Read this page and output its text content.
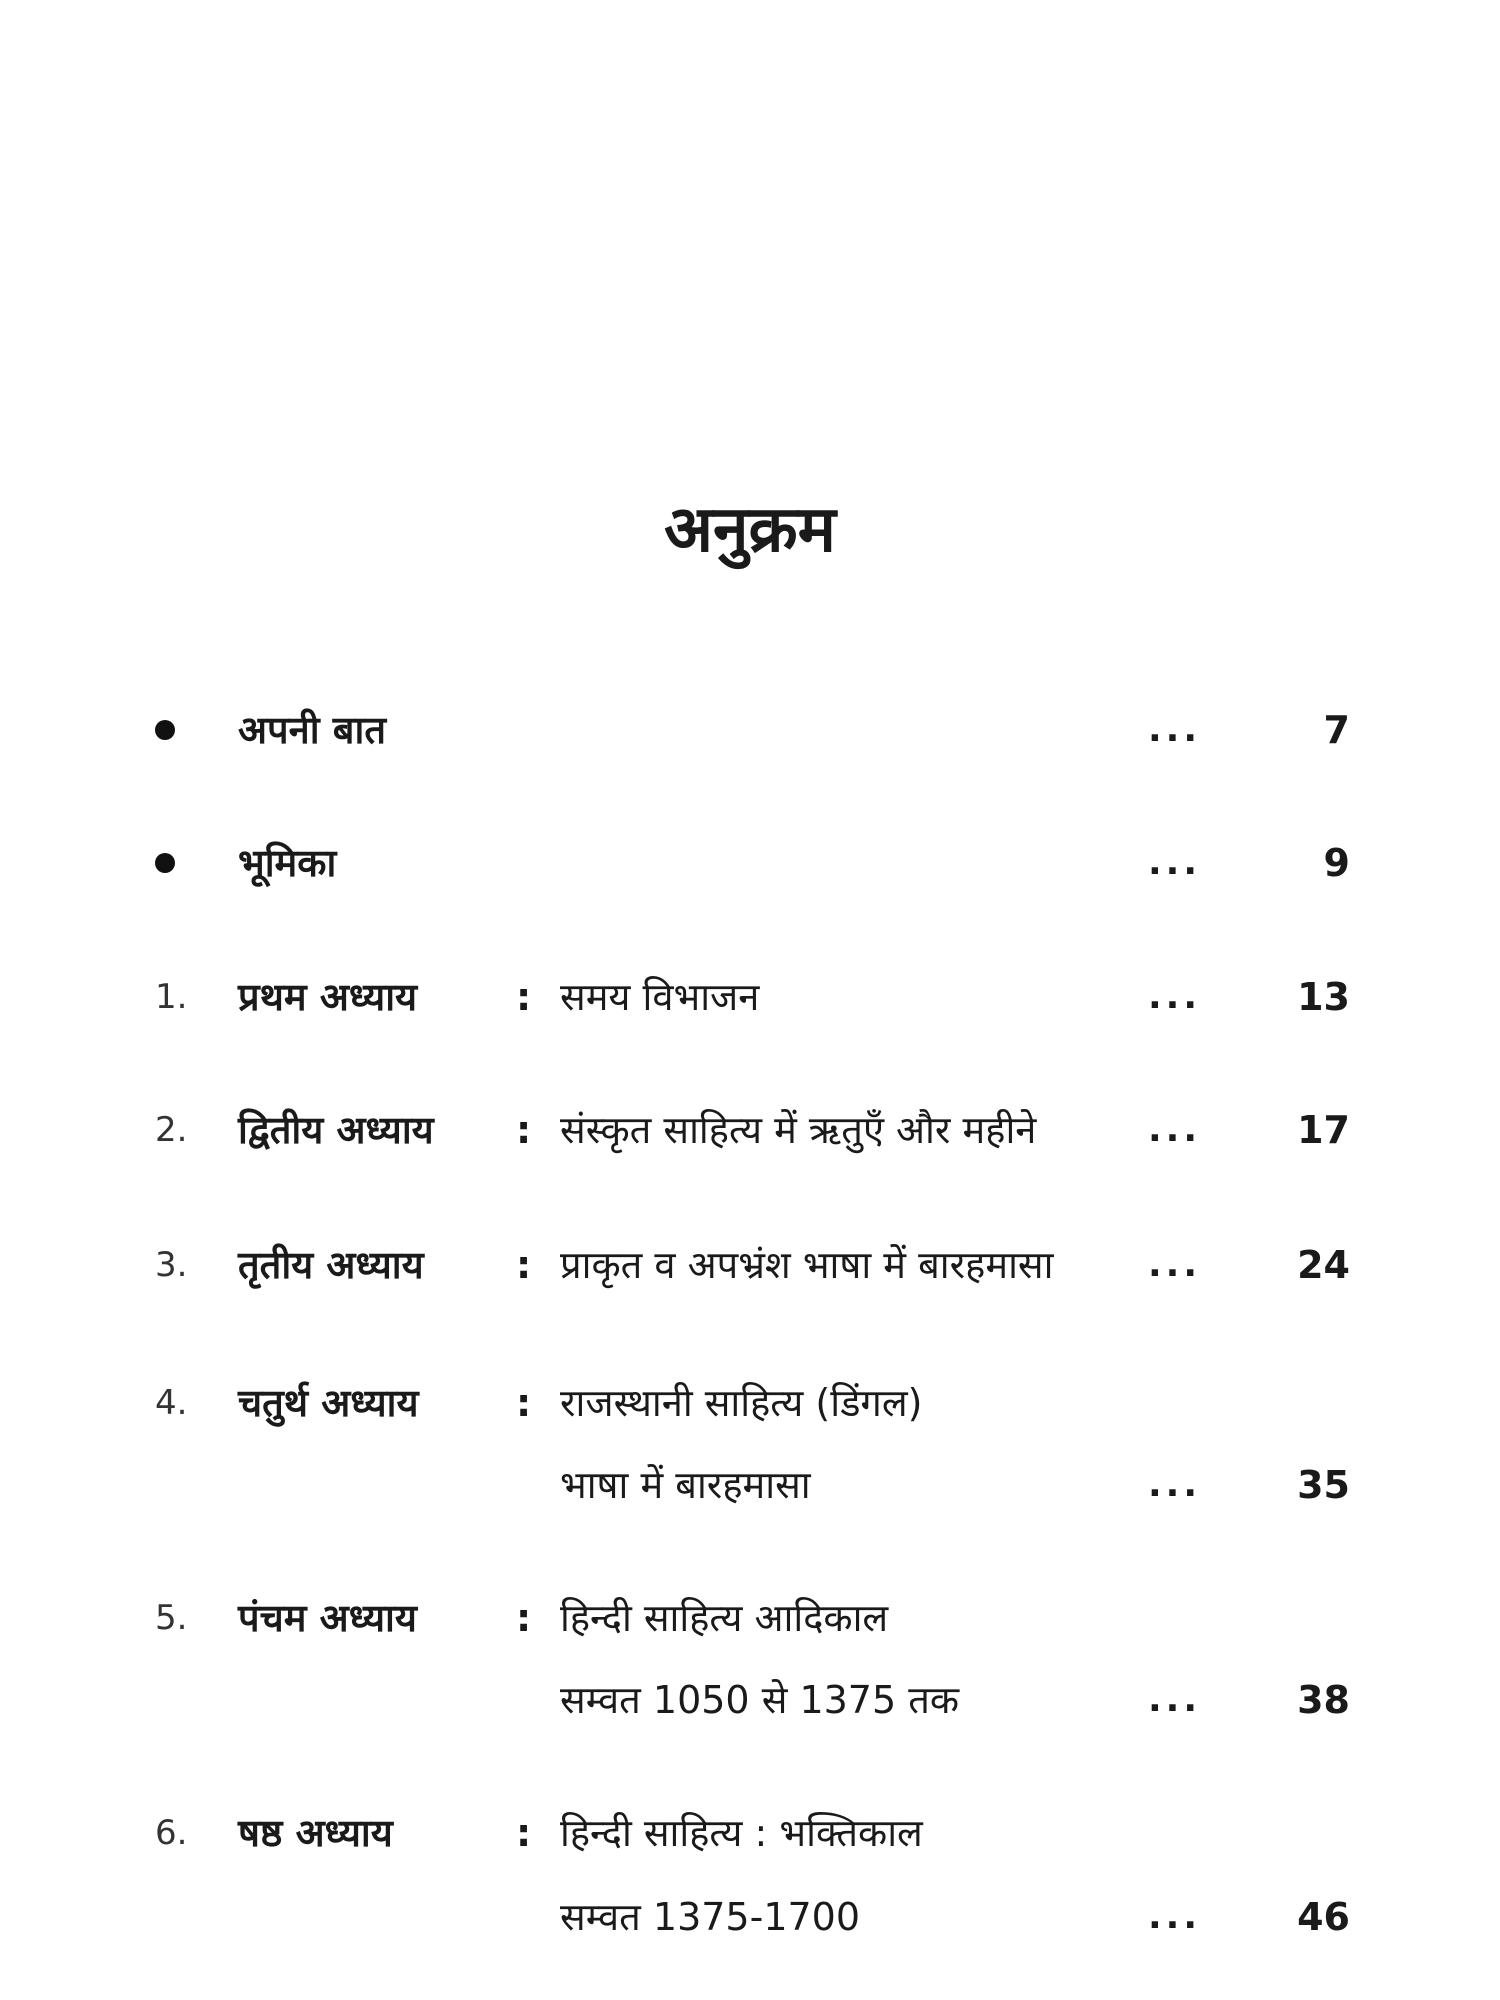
अनुक्रम
अपनी बात	...	7
भूमिका	...	9
1. प्रथम अध्याय	: समय विभाजन	...	13
2. द्वितीय अध्याय : संस्कृत साहित्य में ऋतुएँ और महीने	...	17
3. तृतीय अध्याय : प्राकृत व अपभ्रंश भाषा में बारहमासा	...	24
4. चतुर्थ अध्याय	: राजस्थानी साहित्य (डिंगल)
भाषा में बारहमासा	...	35
5. पंचम अध्याय	: हिन्दी साहित्य आदिकाल
सम्वत 1050 से 1375 तक	...	38
6. षष्ठ अध्याय	: हिन्दी साहित्य : भक्तिकाल
सम्वत 1375-1700	...	46
